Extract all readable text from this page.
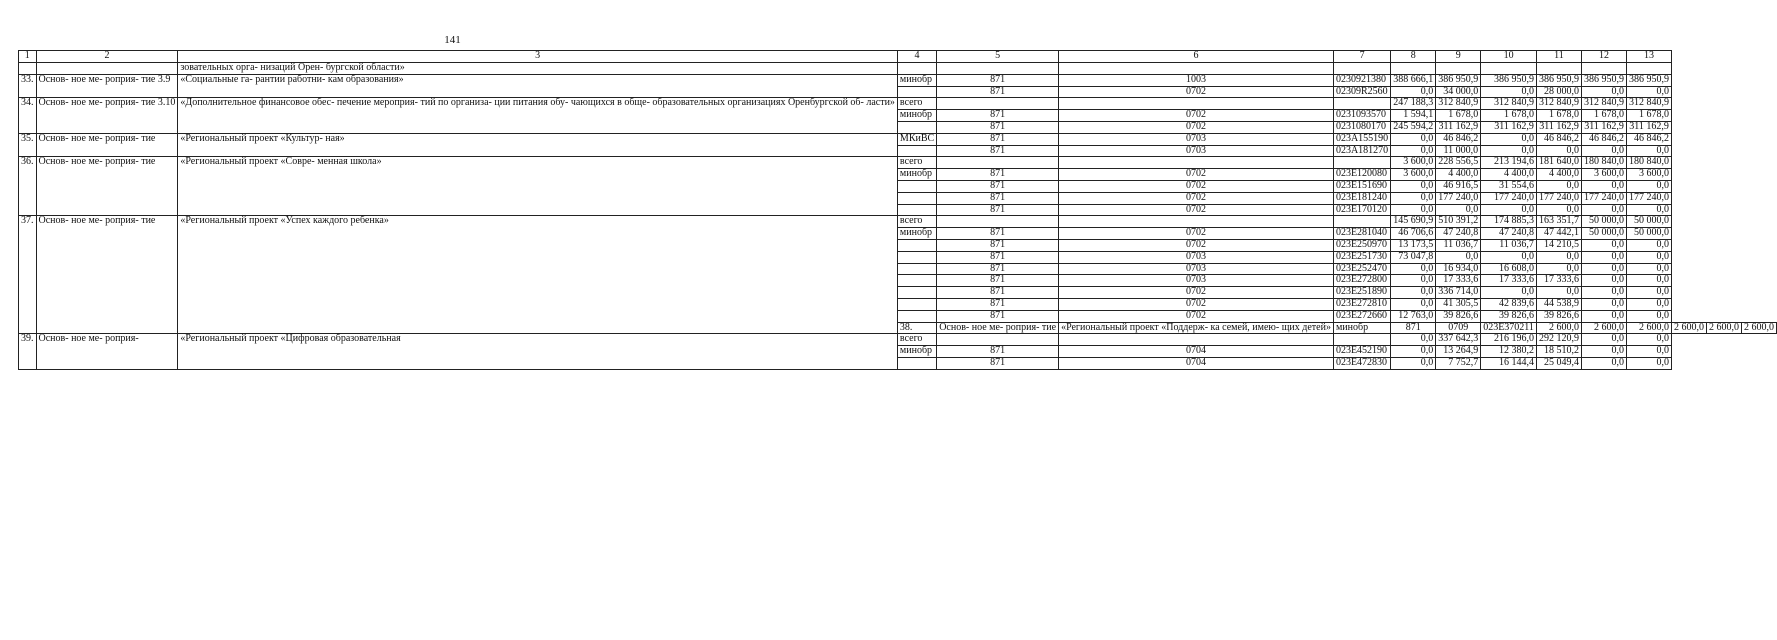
141
1	2	3	4	5	6	7	8	9	10	11	12	13			
		зовательных орга- низаций Орен- бургской области»													
33.	Основ- ное ме- роприя- тие 3.9	«Социальные га- рантии работни- кам образования»	минобр	871	1003	0230921380	388 666,1	386 950,9	386 950,9	386 950,9	386 950,9	386 950,9			
				871	0702	02309R2560	0,0	34 000,0	0,0	28 000,0	0,0	0,0			
34.	Основ- ное ме- роприя- тие 3.10	«Дополнительное финансовое обес- печение мероприя- тий по организа- ции питания обу- чающихся в обще- образовательных организациях Оренбургской об- ласти»	всего				247 188,3	312 840,9	312 840,9	312 840,9	312 840,9	312 840,9			
			минобр	871	0702	0231093570	1 594,1	1 678,0	1 678,0	1 678,0	1 678,0	1 678,0			
				871	0702	0231080170	245 594,2	311 162,9	311 162,9	311 162,9	311 162,9	311 162,9			
35.	Основ- ное ме- роприя- тие	«Региональный проект «Культур- ная»	МКиВС	871	0703	023A155190	0,0	46 846,2	0,0	46 846,2	46 846,2	46 846,2			
				871	0703	023A181270	0,0	11 000,0	0,0	0,0	0,0	0,0			
36.	Основ- ное ме- роприя- тие	«Региональный проект «Совре- менная школа»	всего				3 600,0	228 556,5	213 194,6	181 640,0	180 840,0	180 840,0			
			минобр	871	0702	023E120080	3 600,0	4 400,0	4 400,0	4 400,0	3 600,0	3 600,0			
				871	0702	023E151690	0,0	46 916,5	31 554,6	0,0	0,0	0,0			
				871	0702	023E181240	0,0	177 240,0	177 240,0	177 240,0	177 240,0	177 240,0			
				871	0702	023E170120	0,0	0,0	0,0	0,0	0,0	0,0			
37.	Основ- ное ме- роприя- тие	«Региональный проект «Успех каждого ребенка»	всего				145 690,9	510 391,2	174 885,3	163 351,7	50 000,0	50 000,0			
			минобр	871	0702	023E281040	46 706,6	47 240,8	47 240,8	47 442,1	50 000,0	50 000,0			
				871	0702	023E250970	13 173,5	11 036,7	11 036,7	14 210,5	0,0	0,0			
				871	0703	023E251730	73 047,8	0,0	0,0	0,0	0,0	0,0			
				871	0703	023E252470	0,0	16 934,0	16 608,0	0,0	0,0	0,0			
				871	0703	023E272800	0,0	17 333,6	17 333,6	17 333,6	0,0	0,0			
				871	0702	023E251890	0,0	336 714,0	0,0	0,0	0,0	0,0			
				871	0702	023E272810	0,0	41 305,5	42 839,6	44 538,9	0,0	0,0			
				871	0702	023E272660	12 763,0	39 826,6	39 826,6	39 826,6	0,0	0,0			
			38.	Основ- ное ме- роприя- тие	«Региональный проект «Поддерж- ка семей, имею- щих детей»	минобр	871	0709	023E370211	2 600,0	2 600,0	2 600,0	2 600,0	2 600,0	2 600,0
39.	Основ- ное ме- роприя-	«Региональный проект «Цифровая образовательная	всего				0,0	337 642,3	216 196,0	292 120,9	0,0	0,0			
			минобр	871	0704	023E452190	0,0	13 264,9	12 380,2	18 510,2	0,0	0,0			
				871	0704	023E472830	0,0	7 752,7	16 144,4	25 049,4	0,0	0,0			
